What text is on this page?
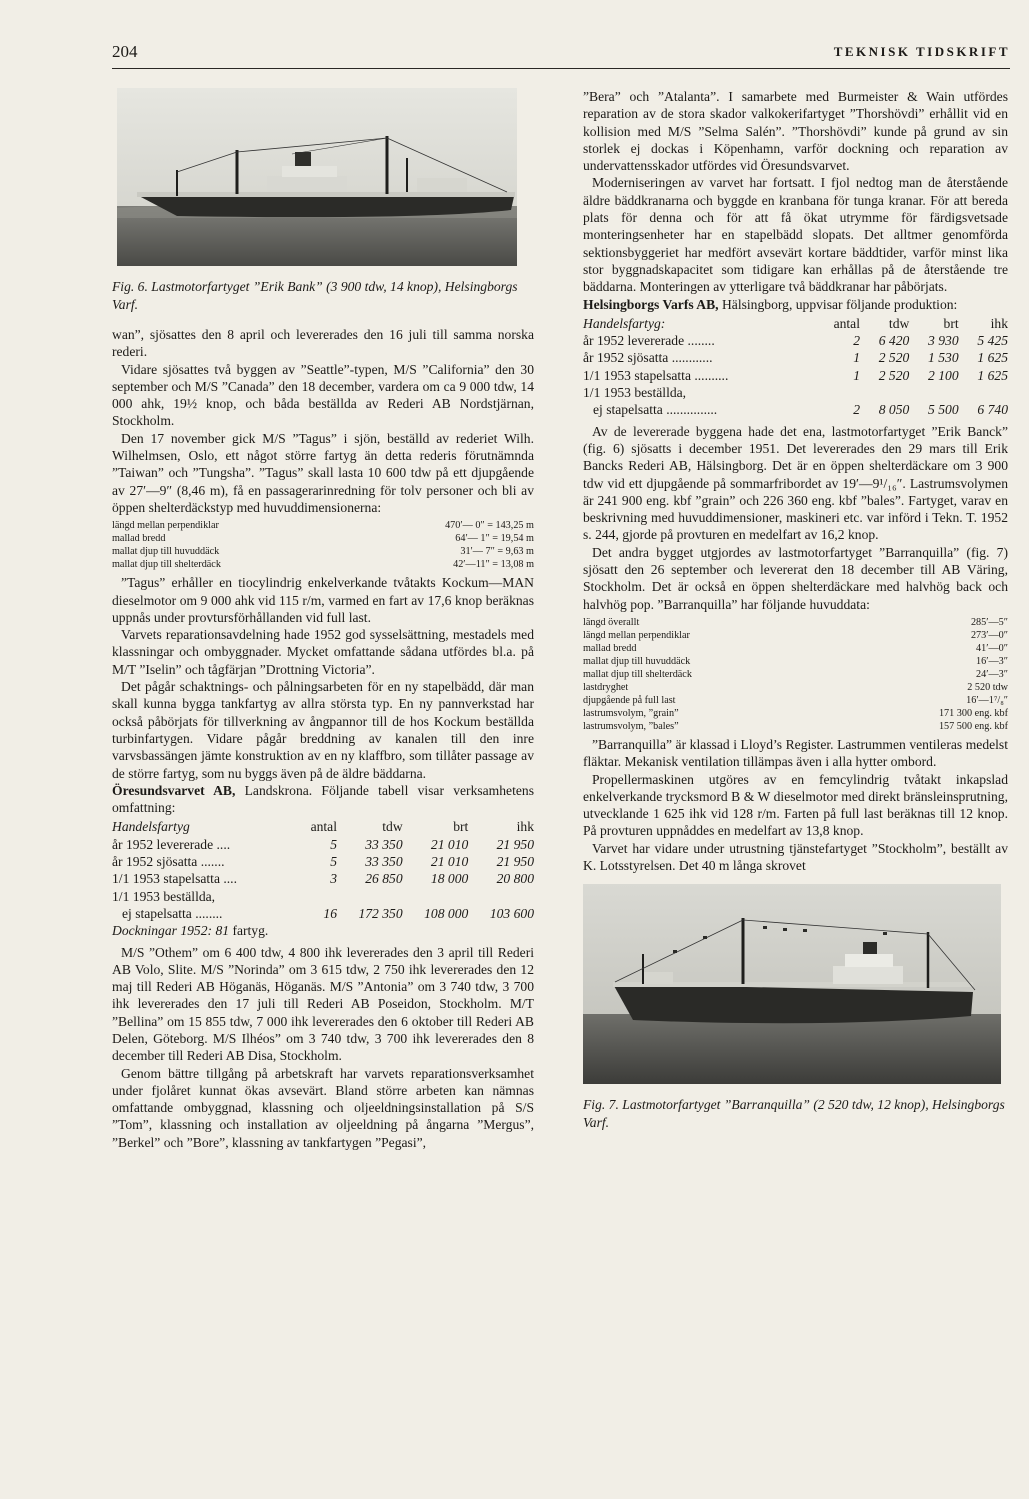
204	TEKNISK TIDSKRIFT
Fig. 6. Lastmotorfartyget ”Erik Bank” (3 900 tdw, 14 knop), Helsingborgs Varf.

wan”, sjösattes den 8 april och levererades den 16 juli till samma norska rederi.

Vidare sjösattes två byggen av ”Seattle”-typen, M/S ”California” den 30 september och M/S ”Canada” den 18 december, vardera om ca 9 000 tdw, 14 000 ahk, 19½ knop, och båda beställda av Rederi AB Nordstjärnan, Stockholm.

Den 17 november gick M/S ”Tagus” i sjön, beställd av rederiet Wilh. Wilhelmsen, Oslo, ett något större fartyg än detta rederis förutnämnda ”Taiwan” och ”Tungsha”. ”Tagus” skall lasta 10 600 tdw på ett djupgående av 27′—9″ (8,46 m), få en passagerarinredning för tolv personer och bli av öppen shelterdäckstyp med huvuddimensionerna:

längd mellan perpendiklar	470′— 0″ = 143,25 m
mallad bredd	64′— 1″ = 19,54 m
mallat djup till huvuddäck	31′— 7″ = 9,63 m
mallat djup till shelterdäck	42′—11″ = 13,08 m

”Tagus” erhåller en tiocylindrig enkelverkande tvåtakts Kockum—MAN dieselmotor om 9 000 ahk vid 115 r/m, varmed en fart av 17,6 knop beräknas uppnås under provtursförhållanden vid full last.

Varvets reparationsavdelning hade 1952 god sysselsättning, mestadels med klassningar och ombyggnader. Mycket omfattande sådana utfördes bl.a. på M/T ”Iselin” och tågfärjan ”Drottning Victoria”.

Det pågår schaktnings- och pålningsarbeten för en ny stapelbädd, där man skall kunna bygga tankfartyg av allra största typ. En ny pannverkstad har också påbörjats för tillverkning av ångpannor till de hos Kockum beställda turbinfartygen. Vidare pågår breddning av kanalen till den inre varvsbassängen jämte konstruktion av en ny klaffbro, som tillåter passage av de större fartyg, som nu byggs även på de äldre bäddarna.

Öresundsvarvet AB, Landskrona. Följande tabell visar verksamhetens omfattning:

Handelsfartyg	antal	tdw	brt	ihk
år 1952 levererade ....	5	33 350	21 010	21 950
år 1952 sjösatta .......	5	33 350	21 010	21 950
1/1 1953 stapelsatta ....	3	26 850	18 000	20 800
1/1 1953 beställda,				
ej stapelsatta ........	16	172 350	108 000	103 600
Dockningar 1952: 81 fartyg.				

M/S ”Othem” om 6 400 tdw, 4 800 ihk levererades den 3 april till Rederi AB Volo, Slite. M/S ”Norinda” om 3 615 tdw, 2 750 ihk levererades den 12 maj till Rederi AB Höganäs, Höganäs. M/S ”Antonia” om 3 740 tdw, 3 700 ihk levererades den 17 juli till Rederi AB Poseidon, Stockholm. M/T ”Bellina” om 15 855 tdw, 7 000 ihk levererades den 6 oktober till Rederi AB Delen, Göteborg. M/S Ilhéos” om 3 740 tdw, 3 700 ihk levererades den 8 december till Rederi AB Disa, Stockholm.

Genom bättre tillgång på arbetskraft har varvets reparationsverksamhet under fjolåret kunnat ökas avsevärt. Bland större arbeten kan nämnas omfattande ombyggnad, klassning och oljeeldningsinstallation på S/S ”Tom”, klassning och installation av oljeeldning på ångarna ”Mergus”, ”Berkel” och ”Bore”, klassning av tankfartygen ”Pegasi”,

”Bera” och ”Atalanta”. I samarbete med Burmeister & Wain utfördes reparation av de stora skador valkokerifartyget ”Thorshövdi” erhållit vid en kollision med M/S ”Selma Salén”. ”Thorshövdi” kunde på grund av sin storlek ej dockas i Köpenhamn, varför dockning och reparation av undervattensskador utfördes vid Öresundsvarvet.

Moderniseringen av varvet har fortsatt. I fjol nedtog man de återstående äldre bäddkranarna och byggde en kranbana för tunga kranar. För att bereda plats för denna och för att få ökat utrymme för färdigsvetsade monteringsenheter har en stapelbädd slopats. Det alltmer genomförda sektionsbyggeriet har medfört avsevärt kortare bäddtider, varför minst lika stor byggnadskapacitet som tidigare kan erhållas på de återstående tre bäddarna. Monteringen av ytterligare två bäddkranar har påbörjats.

Helsingborgs Varfs AB, Hälsingborg, uppvisar följande produktion:

Handelsfartyg:	antal	tdw	brt	ihk
år 1952 levererade ........	2	6 420	3 930	5 425
år 1952 sjösatta ............	1	2 520	1 530	1 625
1/1 1953 stapelsatta ..........	1	2 520	2 100	1 625
1/1 1953 beställda,				
ej stapelsatta ...............	2	8 050	5 500	6 740

Av de levererade byggena hade det ena, lastmotorfartyget ”Erik Banck” (fig. 6) sjösatts i december 1951. Det levererades den 29 mars till Erik Bancks Rederi AB, Hälsingborg. Det är en öppen shelterdäckare om 3 900 tdw vid ett djupgående på sommarfribordet av 19′—9¹/₁₆″. Lastrumsvolymen är 241 900 eng. kbf ”grain” och 226 360 eng. kbf ”bales”. Fartyget, varav en beskrivning med huvuddimensioner, maskineri etc. var införd i Tekn. T. 1952 s. 244, gjorde på provturen en medelfart av 16,2 knop.

Det andra bygget utgjordes av lastmotorfartyget ”Barranquilla” (fig. 7) sjösatt den 26 september och levererat den 18 december till AB Väring, Stockholm. Det är också en öppen shelterdäckare med halvhög back och halvhög pop. ”Barranquilla” har följande huvuddata:

längd överallt	285′—5″
längd mellan perpendiklar	273′—0″
mallad bredd	41′—0″
mallat djup till huvuddäck	16′—3″
mallat djup till shelterdäck	24′—3″
lastdryghet	2 520 tdw
djupgående på full last	16′—1⁷/₈″
lastrumsvolym, ”grain”	171 300 eng. kbf
lastrumsvolym, ”bales”	157 500 eng. kbf

”Barranquilla” är klassad i Lloyd’s Register. Lastrummen ventileras medelst fläktar. Mekanisk ventilation tillämpas även i alla hytter ombord.

Propellermaskinen utgöres av en femcylindrig tvåtakt inkapslad enkelverkande trycksmord B & W dieselmotor med direkt bränsleinsprutning, utvecklande 1 625 ihk vid 128 r/m. Farten på full last beräknas till 12 knop. På provturen uppnåddes en medelfart av 13,8 knop.

Varvet har vidare under utrustning tjänstefartyget ”Stockholm”, beställt av K. Lotsstyrelsen. Det 40 m långa skrovet

Fig. 7. Lastmotorfartyget ”Barranquilla” (2 520 tdw, 12 knop), Helsingborgs Varf.
